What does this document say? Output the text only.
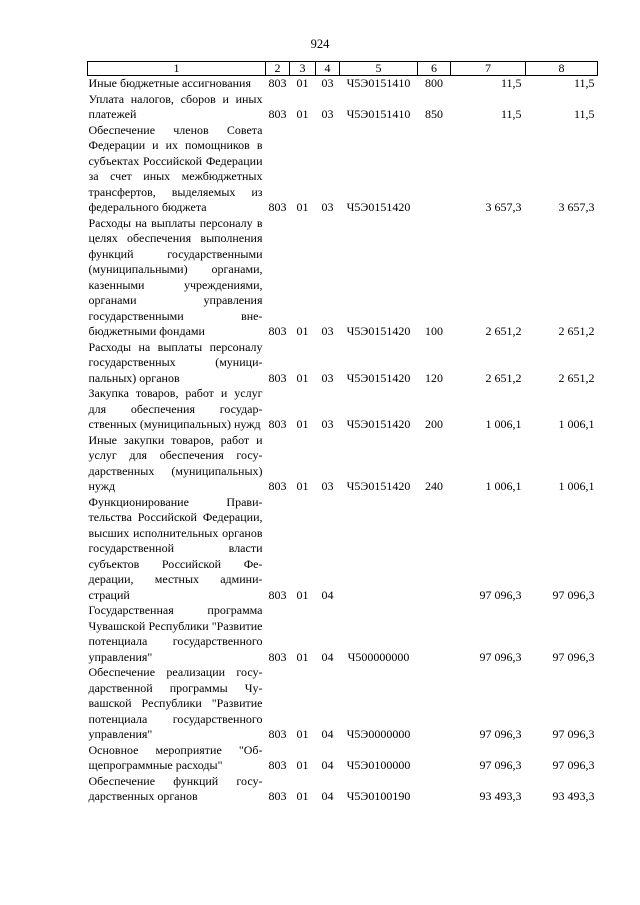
924
1	2	3	4	5	6	7	8
Иные бюджетные ассигнования	803	01	03	Ч5Э0151410	800	11,5	11,5
Уплата налогов, сборов и иных платежей	803	01	03	Ч5Э0151410	850	11,5	11,5
Обеспечение членов Совета Федерации и их помощников в субъектах Российской Федерации за счет иных межбюджетных трансфертов, выделяемых из федерального бюджета	803	01	03	Ч5Э0151420		3 657,3	3 657,3
Расходы на выплаты персоналу в целях обеспечения выполнения функций государственными (муниципальными) органами, казенными учреждениями, органами управления государственными внебюджетными фондами	803	01	03	Ч5Э0151420	100	2 651,2	2 651,2
Расходы на выплаты персоналу государственных (муниципальных) органов	803	01	03	Ч5Э0151420	120	2 651,2	2 651,2
Закупка товаров, работ и услуг для обеспечения государственных (муниципальных) нужд	803	01	03	Ч5Э0151420	200	1 006,1	1 006,1
Иные закупки товаров, работ и услуг для обеспечения государственных (муниципальных) нужд	803	01	03	Ч5Э0151420	240	1 006,1	1 006,1
Функционирование Правительства Российской Федерации, высших исполнительных органов государственной власти субъектов Российской Федерации, местных администраций	803	01	04			97 096,3	97 096,3
Государственная программа Чувашской Республики "Развитие потенциала государственного управления"	803	01	04	Ч500000000		97 096,3	97 096,3
Обеспечение реализации государственной программы Чувашской Республики "Развитие потенциала государственного управления"	803	01	04	Ч5Э0000000		97 096,3	97 096,3
Основное мероприятие "Общепрограммные расходы"	803	01	04	Ч5Э0100000		97 096,3	97 096,3
Обеспечение функций государственных органов	803	01	04	Ч5Э0100190		93 493,3	93 493,3
